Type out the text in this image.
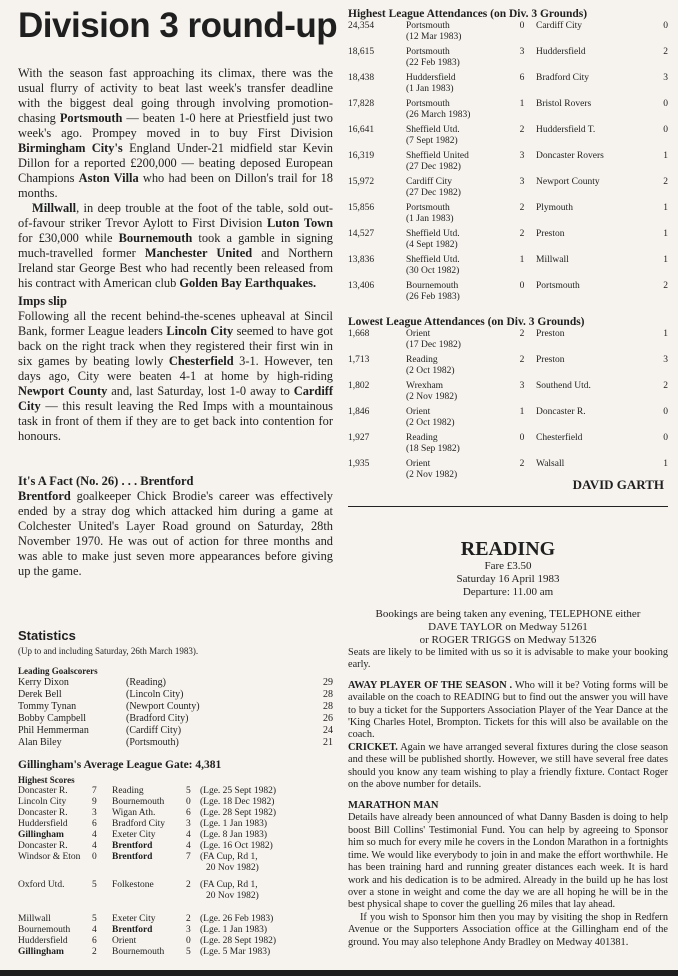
Division 3 round-up

With the season fast approaching its climax, there was the usual flurry of activity to beat last week's transfer deadline with the biggest deal going through involving promotion-chasing Portsmouth — beaten 1-0 here at Priestfield just two week's ago. Prompey moved in to buy First Division Birmingham City's England Under-21 midfield star Kevin Dillon for a reported £200,000 — beating deposed European Champions Aston Villa who had been on Dillon's trail for 18 months.

Millwall, in deep trouble at the foot of the table, sold out-of-favour striker Trevor Aylott to First Division Luton Town for £30,000 while Bournemouth took a gamble in signing much-travelled former Manchester United and Northern Ireland star George Best who had recently been released from his contract with American club Golden Bay Earthquakes.

Imps slip

Following all the recent behind-the-scenes upheaval at Sincil Bank, former League leaders Lincoln City seemed to have got back on the right track when they registered their first win in six games by beating lowly Chesterfield 3-1. However, ten days ago, City were beaten 4-1 at home by high-riding Newport County and, last Saturday, lost 1-0 away to Cardiff City — this result leaving the Red Imps with a mountainous task in front of them if they are to get back into contention for honours.

It's A Fact (No. 26) . . . Brentford

Brentford goalkeeper Chick Brodie's career was effectively ended by a stray dog which attacked him during a game at Colchester United's Layer Road ground on Saturday, 28th November 1970. He was out of action for three months and was able to make just seven more appearances before giving up the game.

Statistics
(Up to and including Saturday, 26th March 1983).
Leading Goalscorers
Kerry Dixon	(Reading)	29
Derek Bell	(Lincoln City)	28
Tommy Tynan	(Newport County)	28
Bobby Campbell	(Bradford City)	26
Phil Hemmerman	(Cardiff City)	24
Alan Biley	(Portsmouth)	21
Gillingham's Average League Gate: 4,381
Highest Scores
Doncaster R.	7	Reading	5	(Lge. 25 Sept 1982)
Lincoln City	9	Bournemouth	0	(Lge. 18 Dec 1982)
Doncaster R.	3	Wigan Ath.	6	(Lge. 28 Sept 1982)
Huddersfield	6	Bradford City	3	(Lge. 1 Jan 1983)
Gillingham	4	Exeter City	4	(Lge. 8 Jan 1983)
Doncaster R.	4	Brentford	4	(Lge. 16 Oct 1982)
Windsor & Eton	0	Brentford	7	(FA Cup, Rd 1,
				20 Nov 1982)

Oxford Utd.	5	Folkestone	2	(FA Cup, Rd 1,
				20 Nov 1982)

Millwall	5	Exeter City	2	(Lge. 26 Feb 1983)
Bournemouth	4	Brentford	3	(Lge. 1 Jan 1983)
Huddersfield	6	Orient	0	(Lge. 28 Sept 1982)
Gillingham	2	Bournemouth	5	(Lge. 5 Mar 1983)
Highest League Attendances (on Div. 3 Grounds)
24,354	Portsmouth
(12 Mar 1983)	0	Cardiff City	0
18,615	Portsmouth
(22 Feb 1983)	3	Huddersfield	2
18,438	Huddersfield
(1 Jan 1983)	6	Bradford City	3
17,828	Portsmouth
(26 March 1983)	1	Bristol Rovers	0
16,641	Sheffield Utd.
(7 Sept 1982)	2	Huddersfield T.	0
16,319	Sheffield United
(27 Dec 1982)	3	Doncaster Rovers	1
15,972	Cardiff City
(27 Dec 1982)	3	Newport County	2
15,856	Portsmouth
(1 Jan 1983)	2	Plymouth	1
14,527	Sheffield Utd.
(4 Sept 1982)	2	Preston	1
13,836	Sheffield Utd.
(30 Oct 1982)	1	Millwall	1
13,406	Bournemouth
(26 Feb 1983)	0	Portsmouth	2
Lowest League Attendances (on Div. 3 Grounds)
1,668	Orient
(17 Dec 1982)	2	Preston	1
1,713	Reading
(2 Oct 1982)	2	Preston	3
1,802	Wrexham
(2 Nov 1982)	3	Southend Utd.	2
1,846	Orient
(2 Oct 1982)	1	Doncaster R.	0
1,927	Reading
(18 Sep 1982)	0	Chesterfield	0
1,935	Orient
(2 Nov 1982)	2	Walsall	1
DAVID GARTH
READING
Fare £3.50
Saturday 16 April 1983
Departure: 11.00 am
Bookings are being taken any evening, TELEPHONE either
DAVE TAYLOR on Medway 51261
or ROGER TRIGGS on Medway 51326

Seats are likely to be limited with us so it is advisable to make your booking early.

AWAY PLAYER OF THE SEASON . Who will it be? Voting forms will be available on the coach to READING but to find out the answer you will have to buy a ticket for the Supporters Association Player of the Year Dance at the 'King Charles Hotel, Brompton. Tickets for this will also be available on the coach.

CRICKET. Again we have arranged several fixtures during the close season and these will be published shortly. However, we still have several free dates should you know any team wishing to play a friendly fixture. Contact Roger on the above number for details.

MARATHON MAN

Details have already been announced of what Danny Basden is doing to help boost Bill Collins' Testimonial Fund. You can help by agreeing to Sponsor him so much for every mile he covers in the London Marathon in a fortnights time. We would like everybody to join in and make the effort worthwhile. He has been training hard and running greater distances each week. It is hard work and his dedication is to be admired. Already in the build up he has lost over a stone in weight and come the day we are all hoping he will be in the best physical shape to cover the guelling 26 miles that lay ahead.

If you wish to Sponsor him then you may by visiting the shop in Redfern Avenue or the Supporters Association office at the Gillingham end of the ground. You may also telephone Andy Bradley on Medway 401381.
